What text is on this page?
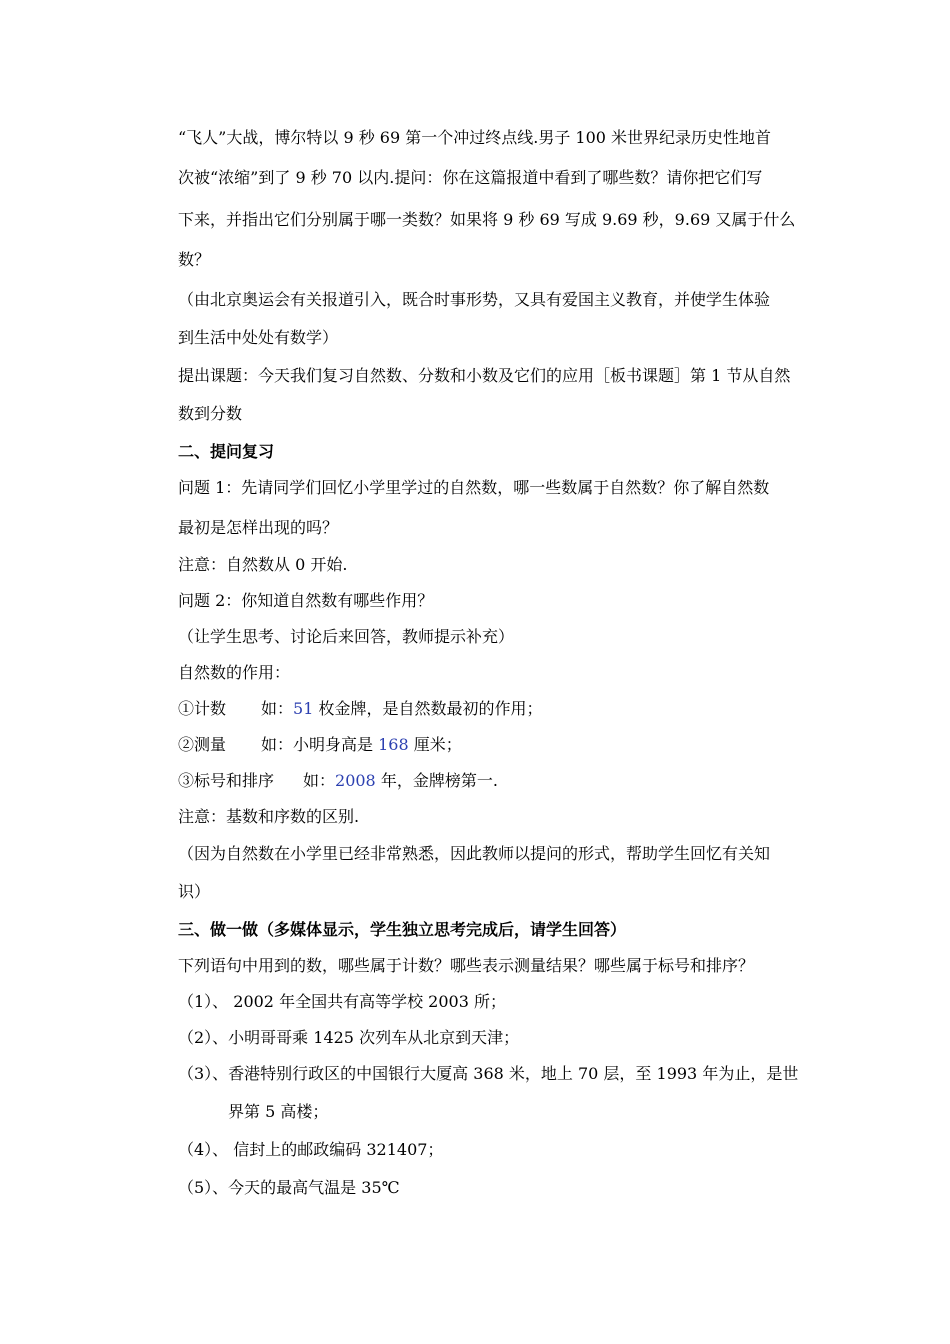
“飞人”大战，博尔特以 9 秒 69 第一个冲过终点线.男子 100 米世界纪录历史性地首
次被“浓缩”到了 9 秒 70 以内.提问：你在这篇报道中看到了哪些数？请你把它们写
下来，并指出它们分别属于哪一类数？如果将 9 秒 69 写成 9.69 秒，9.69 又属于什么
数？
（由北京奥运会有关报道引入，既合时事形势，又具有爱国主义教育，并使学生体验
到生活中处处有数学）
提出课题：今天我们复习自然数、分数和小数及它们的应用［板书课题］第 1 节从自然
数到分数
二、提问复习
问题 1：先请同学们回忆小学里学过的自然数，哪一些数属于自然数？你了解自然数
最初是怎样出现的吗？
注意：自然数从 0 开始.
问题 2：你知道自然数有哪些作用？
（让学生思考、讨论后来回答，教师提示补充）
自然数的作用：
①计数 如：51 枚金牌，是自然数最初的作用；
②测量 如：小明身高是 168 厘米；
③标号和排序 如：2008 年，金牌榜第一.
注意：基数和序数的区别.
（因为自然数在小学里已经非常熟悉，因此教师以提问的形式，帮助学生回忆有关知
识）
三、做一做（多媒体显示，学生独立思考完成后，请学生回答）
下列语句中用到的数，哪些属于计数？哪些表示测量结果？哪些属于标号和排序？
（1）、 2002 年全国共有高等学校 2003 所；
（2）、小明哥哥乘 1425 次列车从北京到天津；
（3）、香港特别行政区的中国银行大厦高 368 米，地上 70 层，至 1993 年为止，是世
界第 5 高楼；
（4）、 信封上的邮政编码 321407；
（5）、今天的最高气温是 35℃
